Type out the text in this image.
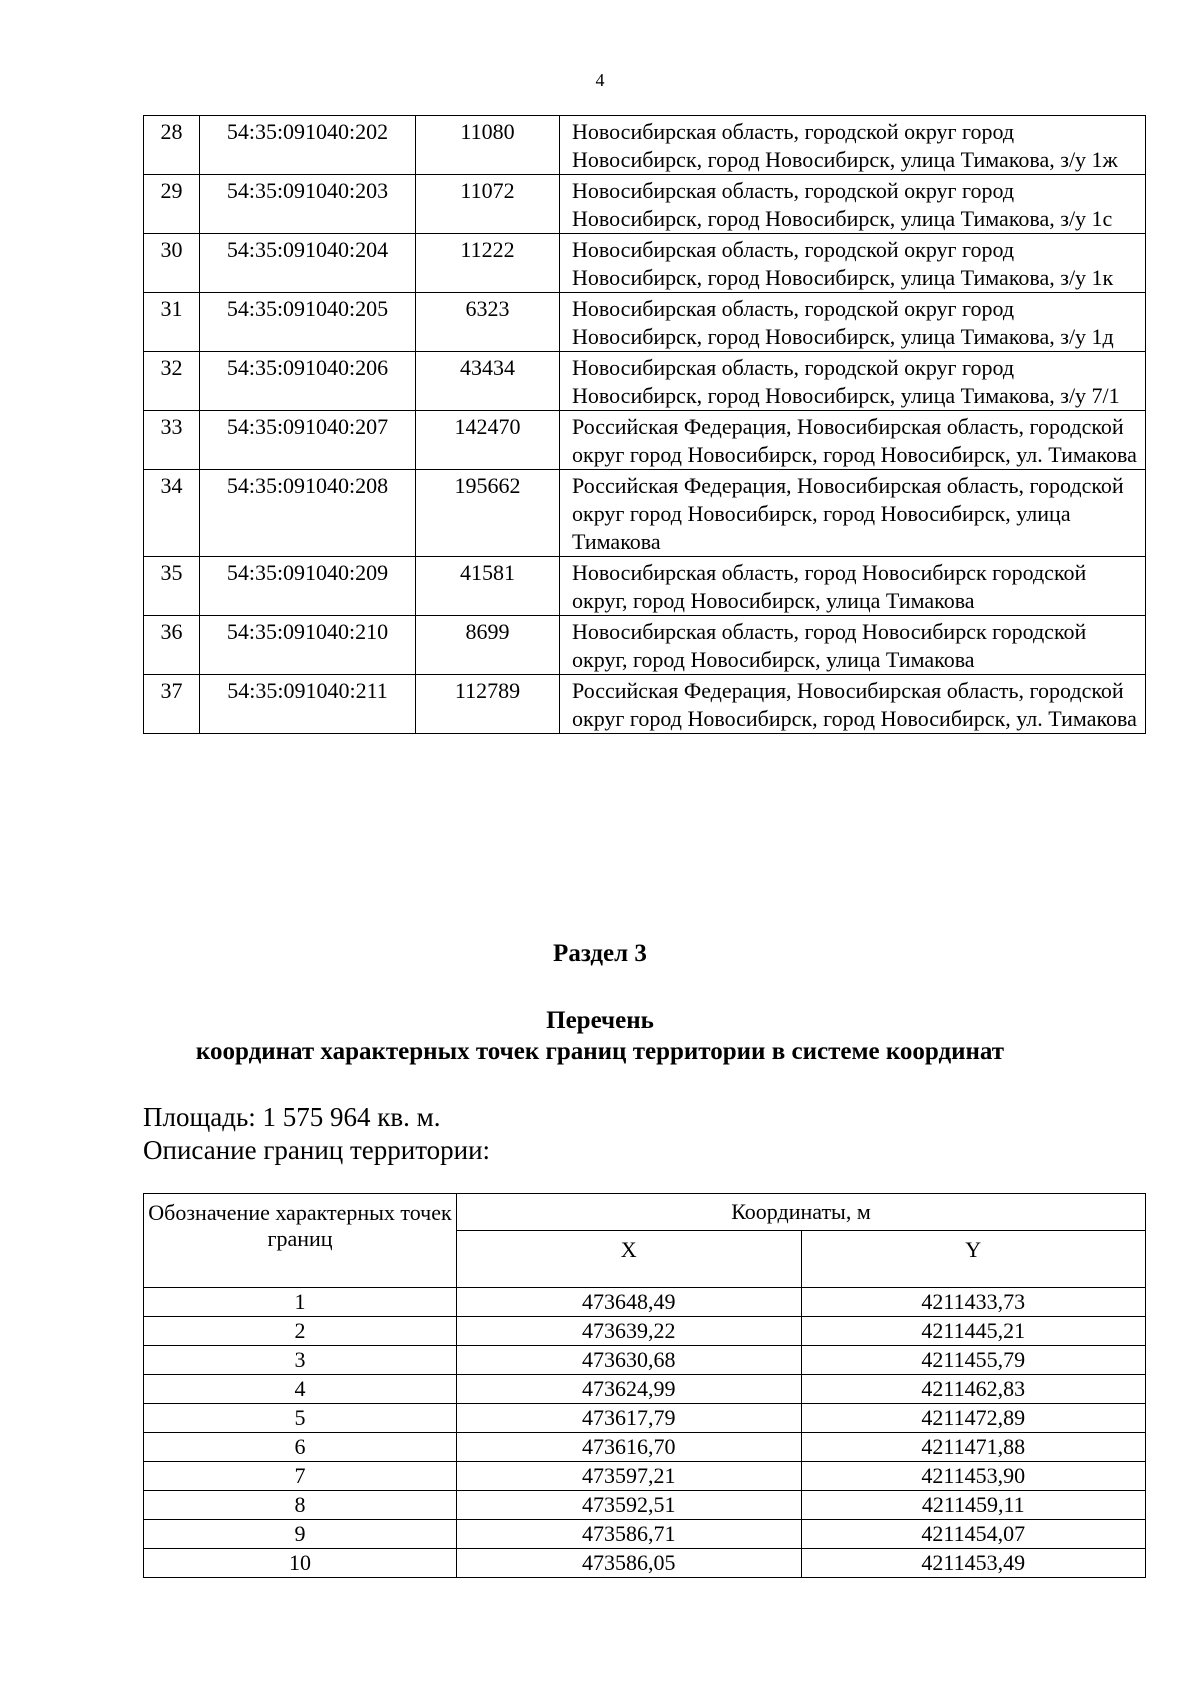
4
28	54:35:091040:202	11080	Новосибирская область, городской округ город Новосибирск, город Новосибирск, улица Тимакова, з/у 1ж
29	54:35:091040:203	11072	Новосибирская область, городской округ город Новосибирск, город Новосибирск, улица Тимакова, з/у 1с
30	54:35:091040:204	11222	Новосибирская область, городской округ город Новосибирск, город Новосибирск, улица Тимакова, з/у 1к
31	54:35:091040:205	6323	Новосибирская область, городской округ город Новосибирск, город Новосибирск, улица Тимакова, з/у 1д
32	54:35:091040:206	43434	Новосибирская область, городской округ город Новосибирск, город Новосибирск, улица Тимакова, з/у 7/1
33	54:35:091040:207	142470	Российская Федерация, Новосибирская область, городской округ город Новосибирск, город Новосибирск, ул. Тимакова
34	54:35:091040:208	195662	Российская Федерация, Новосибирская область, городской округ город Новосибирск, город Новосибирск, улица Тимакова
35	54:35:091040:209	41581	Новосибирская область, город Новосибирск городской округ, город Новосибирск, улица Тимакова
36	54:35:091040:210	8699	Новосибирская область, город Новосибирск городской округ, город Новосибирск, улица Тимакова
37	54:35:091040:211	112789	Российская Федерация, Новосибирская область, городской округ город Новосибирск, город Новосибирск, ул. Тимакова
Раздел 3
Перечень
координат характерных точек границ территории в системе координат
Площадь: 1 575 964 кв. м.
Описание границ территории:
Обозначение характерных точек границ	Координаты, м	
	X	Y
1	473648,49	4211433,73
2	473639,22	4211445,21
3	473630,68	4211455,79
4	473624,99	4211462,83
5	473617,79	4211472,89
6	473616,70	4211471,88
7	473597,21	4211453,90
8	473592,51	4211459,11
9	473586,71	4211454,07
10	473586,05	4211453,49
